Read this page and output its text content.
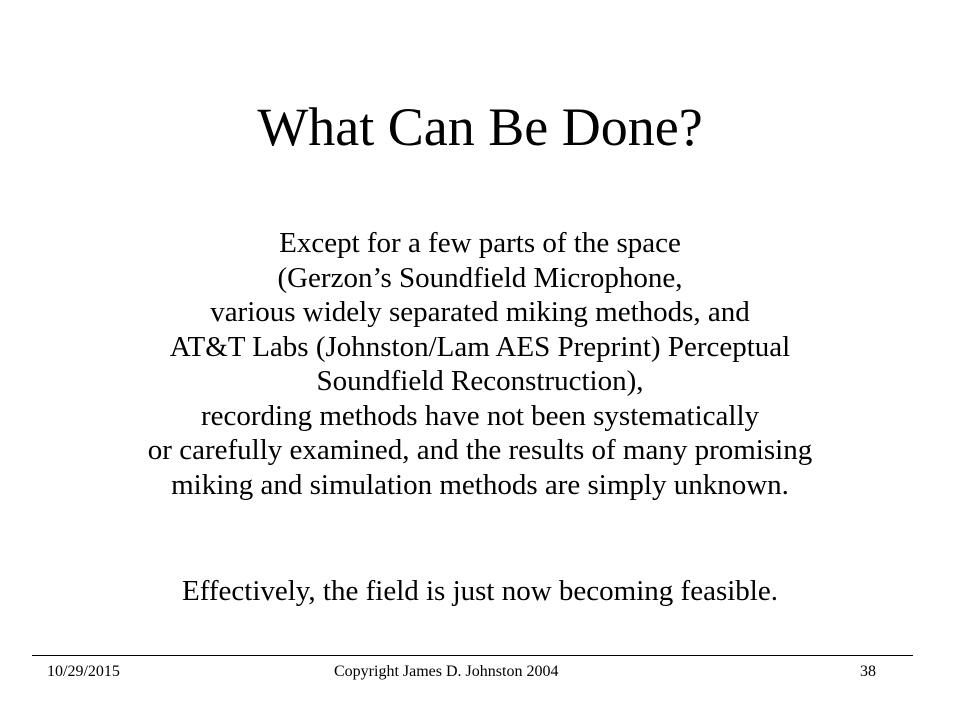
What Can Be Done?
Except for a few parts of the space
(Gerzon’s Soundfield Microphone,
various widely separated miking methods, and
AT&T Labs (Johnston/Lam AES Preprint) Perceptual
Soundfield Reconstruction),
recording methods have not been systematically
or carefully examined, and the results of many promising
miking and simulation methods are simply unknown.
Effectively, the field is just now becoming feasible.
10/29/2015	Copyright James D. Johnston 2004	38
